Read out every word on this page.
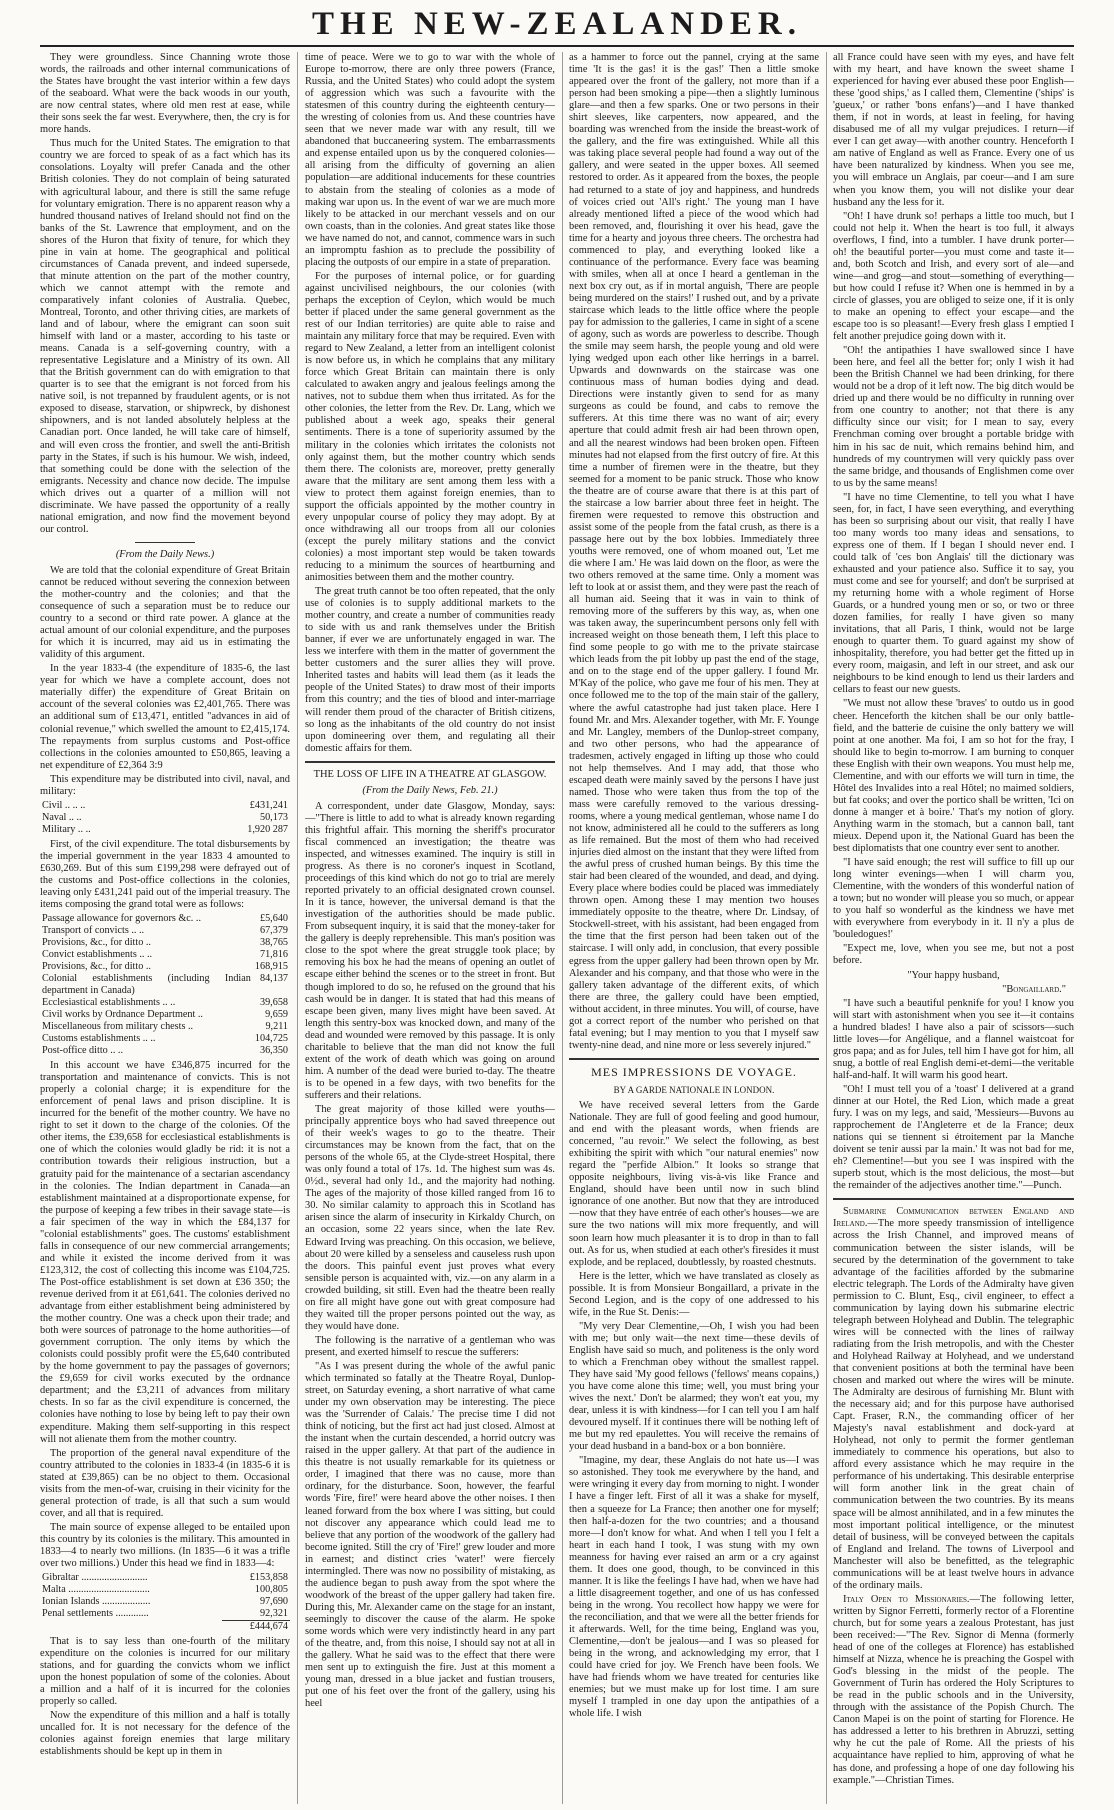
THE NEW-ZEALANDER.

They were groundless. Since Channing wrote those words, the railroads and other internal communications of the States have brought the vast interior within a few days of the seaboard. What were the back woods in our youth, are now central states, where old men rest at ease, while their sons seek the far west. Everywhere, then, the cry is for more hands.

Thus much for the United States. The emigration to that country we are forced to speak of as a fact which has its consolations. Loyalty will prefer Canada and the other British colonies. They do not complain of being saturated with agricultural labour, and there is still the same refuge for voluntary emigration. There is no apparent reason why a hundred thousand natives of Ireland should not find on the banks of the St. Lawrence that employment, and on the shores of the Huron that fixity of tenure, for which they pine in vain at home. The geographical and political circumstances of Canada prevent, and indeed supersede, that minute attention on the part of the mother country, which we cannot attempt with the remote and comparatively infant colonies of Australia. Quebec, Montreal, Toronto, and other thriving cities, are markets of land and of labour, where the emigrant can soon suit himself with land or a master, according to his taste or means. Canada is a self-governing country, with a representative Legislature and a Ministry of its own. All that the British government can do with emigration to that quarter is to see that the emigrant is not forced from his native soil, is not trepanned by fraudulent agents, or is not exposed to disease, starvation, or shipwreck, by dishonest shipowners, and is not landed absolutely helpless at the Canadian port. Once landed, he will take care of himself, and will even cross the frontier, and swell the anti-British party in the States, if such is his humour. We wish, indeed, that something could be done with the selection of the emigrants. Necessity and chance now decide. The impulse which drives out a quarter of a million will not discriminate. We have passed the opportunity of a really national emigration, and now find the movement beyond our control.

(From the Daily News.)

We are told that the colonial expenditure of Great Britain cannot be reduced without severing the connexion between the mother-country and the colonies; and that the consequence of such a separation must be to reduce our country to a second or third rate power. A glance at the actual amount of our colonial expenditure, and the purposes for which it is incurred, may aid us in estimating the validity of this argument.

In the year 1833-4 (the expenditure of 1835-6, the last year for which we have a complete account, does not materially differ) the expenditure of Great Britain on account of the several colonies was £2,401,765. There was an additional sum of £13,471, entitled "advances in aid of colonial revenue," which swelled the amount to £2,415,174. The repayments from surplus customs and Post-office collections in the colonies amounted to £50,865, leaving a net expenditure of £2,364 3:9

This expenditure may be distributed into civil, naval, and military:

Civil .. .. ..	£431,241
Naval .. ..	50,173
Military .. ..	1,920 287

First, of the civil expenditure. The total disbursements by the imperial government in the year 1833 4 amounted to £630,269. But of this sum £199,298 were defrayed out of the customs and Post-office collections in the colonies, leaving only £431,241 paid out of the imperial treasury. The items composing the grand total were as follows:

Passage allowance for governors &c. ..	£5,640
Transport of convicts .. ..	67,379
Provisions, &c., for ditto ..	38,765
Convict establishments .. ..	71,816
Provisions, &c., for ditto ..	168,915
Colonial establishments (including Indian department in Canada)	84,137
Ecclesiastical establishments .. ..	39,658
Civil works by Ordnance Department ..	9,659
Miscellaneous from military chests ..	9,211
Customs establishments .. ..	104,725
Post-office ditto .. ..	36,350

In this account we have £346,875 incurred for the transportation and maintenance of convicts. This is not properly a colonial charge; it is expenditure for the enforcement of penal laws and prison discipline. It is incurred for the benefit of the mother country. We have no right to set it down to the charge of the colonies. Of the other items, the £39,658 for ecclesiastical establishments is one of which the colonies would gladly be rid: it is not a contribution towards their religious instruction, but a gratuity paid for the maintenance of a sectarian ascendancy in the colonies. The Indian department in Canada—an establishment maintained at a disproportionate expense, for the purpose of keeping a few tribes in their savage state—is a fair specimen of the way in which the £84,137 for "colonial establishments" goes. The customs' establishment falls in consequence of our new commercial arrangements; and while it existed the income derived from it was £123,312, the cost of collecting this income was £104,725. The Post-office establishment is set down at £36 350; the revenue derived from it at £61,641. The colonies derived no advantage from either establishment being administered by the mother country. One was a check upon their trade; and both were sources of patronage to the home authorities—of government corruption. The only items by which the colonists could possibly profit were the £5,640 contributed by the home government to pay the passages of governors; the £9,659 for civil works executed by the ordnance department; and the £3,211 of advances from military chests. In so far as the civil expenditure is concerned, the colonies have nothing to lose by being left to pay their own expenditure. Making them self-supporting in this respect will not alienate them from the mother country.

The proportion of the general naval expenditure of the country attributed to the colonies in 1833-4 (in 1835-6 it is stated at £39,865) can be no object to them. Occasional visits from the men-of-war, cruising in their vicinity for the general protection of trade, is all that such a sum would cover, and all that is required.

The main source of expense alleged to be entailed upon this country by its colonies is the military. This amounted in 1833—4 to nearly two millions. (In 1835—6 it was a trifle over two millions.) Under this head we find in 1833—4:

Gibraltar ..........................	£153,858
Malta ................................	100,805
Ionian Islands ...................	97,690
Penal settlements .............	92,321
	£444,674

That is to say less than one-fourth of the military expenditure on the colonies is incurred for our military stations, and for guarding the convicts whom we inflict upon the honest population of some of the colonies. About a million and a half of it is incurred for the colonies properly so called.

Now the expenditure of this million and a half is totally uncalled for. It is not necessary for the defence of the colonies against foreign enemies that large military establishments should be kept up in them in

time of peace. Were we to go to war with the whole of Europe to-morrow, there are only three powers (France, Russia, and the United States) who could adopt the system of aggression which was such a favourite with the statesmen of this country during the eighteenth century—the wresting of colonies from us. And these countries have seen that we never made war with any result, till we abandoned that buccaneering system. The embarrassments and expense entailed upon us by the conquered colonies—all arising from the difficulty of governing an alien population—are additional inducements for these countries to abstain from the stealing of colonies as a mode of making war upon us. In the event of war we are much more likely to be attacked in our merchant vessels and on our own coasts, than in the colonies. And great states like those we have named do not, and cannot, commence wars in such an impromptu fashion as to preclude the possibility of placing the outposts of our empire in a state of preparation.

For the purposes of internal police, or for guarding against uncivilised neighbours, the our colonies (with perhaps the exception of Ceylon, which would be much better if placed under the same general government as the rest of our Indian territories) are quite able to raise and maintain any military force that may be required. Even with regard to New Zealand, a letter from an intelligent colonist is now before us, in which he complains that any military force which Great Britain can maintain there is only calculated to awaken angry and jealous feelings among the natives, not to subdue them when thus irritated. As for the other colonies, the letter from the Rev. Dr. Lang, which we published about a week ago, speaks their general sentiments. There is a tone of superiority assumed by the military in the colonies which irritates the colonists not only against them, but the mother country which sends them there. The colonists are, moreover, pretty generally aware that the military are sent among them less with a view to protect them against foreign enemies, than to support the officials appointed by the mother country in every unpopular course of policy they may adopt. By at once withdrawing all our troops from all our colonies (except the purely military stations and the convict colonies) a most important step would be taken towards reducing to a minimum the sources of heartburning and animosities between them and the mother country.

The great truth cannot be too often repeated, that the only use of colonies is to supply additional markets to the mother country, and create a number of communities ready to side with us and rank themselves under the British banner, if ever we are unfortunately engaged in war. The less we interfere with them in the matter of government the better customers and the surer allies they will prove. Inherited tastes and habits will lead them (as it leads the people of the United States) to draw most of their imports from this country; and the ties of blood and inter-marriage will render them proud of the character of British citizens, so long as the inhabitants of the old country do not insist upon domineering over them, and regulating all their domestic affairs for them.

THE LOSS OF LIFE IN A THEATRE AT GLASGOW.
(From the Daily News, Feb. 21.)

A correspondent, under date Glasgow, Monday, says:—"There is little to add to what is already known regarding this frightful affair. This morning the sheriff's procurator fiscal commenced an investigation; the theatre was inspected, and witnesses examined. The inquiry is still in progress. As there is no coroner's inquest in Scotland, proceedings of this kind which do not go to trial are merely reported privately to an official designated crown counsel. In it is tance, however, the universal demand is that the investigation of the authorities should be made public. From subsequent inquiry, it is said that the money-taker for the gallery is deeply reprehensible. This man's position was close to the spot where the great struggle took place; by removing his box he had the means of opening an outlet of escape either behind the scenes or to the street in front. But though implored to do so, he refused on the ground that his cash would be in danger. It is stated that had this means of escape been given, many lives might have been saved. At length this sentry-box was knocked down, and many of the dead and wounded were removed by this passage. It is only charitable to believe that the man did not know the full extent of the work of death which was going on around him. A number of the dead were buried to-day. The theatre is to be opened in a few days, with two benefits for the sufferers and their relations.

The great majority of those killed were youths—principally apprentice boys who had saved threepence out of their week's wages to go to the theatre. Their circumstances may be known from the fact, that on the persons of the whole 65, at the Clyde-street Hospital, there was only found a total of 17s. 1d. The highest sum was 4s. 0½d., several had only 1d., and the majority had nothing. The ages of the majority of those killed ranged from 16 to 30. No similar calamity to approach this in Scotland has arisen since the alarm of insecurity in Kirkaldy Church, on an occasion, some 22 years since, when the late Rev. Edward Irving was preaching. On this occasion, we believe, about 20 were killed by a senseless and causeless rush upon the doors. This painful event just proves what every sensible person is acquainted with, viz.—on any alarm in a crowded building, sit still. Even had the theatre been really on fire all might have gone out with great composure had they waited till the proper persons pointed out the way, as they would have done.

The following is the narrative of a gentleman who was present, and exerted himself to rescue the sufferers:

"As I was present during the whole of the awful panic which terminated so fatally at the Theatre Royal, Dunlop-street, on Saturday evening, a short narrative of what came under my own observation may be interesting. The piece was the 'Surrender of Calais.' The precise time I did not think of noticing, but the first act had just closed. Almost at the instant when the curtain descended, a horrid outcry was raised in the upper gallery. At that part of the audience in this theatre is not usually remarkable for its quietness or order, I imagined that there was no cause, more than ordinary, for the disturbance. Soon, however, the fearful words 'Fire, fire!' were heard above the other noises. I then leaned forward from the box where I was sitting, but could not discover any appearance which could lead me to believe that any portion of the woodwork of the gallery had become ignited. Still the cry of 'Fire!' grew louder and more in earnest; and distinct cries 'water!' were fiercely intermingled. There was now no possibility of mistaking, as the audience began to push away from the spot where the woodwork of the breast of the upper gallery had taken fire. During this, Mr. Alexander came on the stage for an instant, seemingly to discover the cause of the alarm. He spoke some words which were very indistinctly heard in any part of the theatre, and, from this noise, I should say not at all in the gallery. What he said was to the effect that there were men sent up to extinguish the fire. Just at this moment a young man, dressed in a blue jacket and fustian trousers, put one of his feet over the front of the gallery, using his heel

as a hammer to force out the pannel, crying at the same time 'It is the gas! it is the gas!' Then a little smoke appeared over the front of the gallery, not more than if a person had been smoking a pipe—then a slightly luminous glare—and then a few sparks. One or two persons in their shirt sleeves, like carpenters, now appeared, and the boarding was wrenched from the inside the breast-work of the gallery, and the fire was extinguished. While all this was taking place several people had found a way out of the gallery, and were seated in the upper boxes. All seemed restored to order. As it appeared from the boxes, the people had returned to a state of joy and happiness, and hundreds of voices cried out 'All's right.' The young man I have already mentioned lifted a piece of the wood which had been removed, and, flourishing it over his head, gave the time for a hearty and joyous three cheers. The orchestra had commenced to play, and everything looked like a continuance of the performance. Every face was beaming with smiles, when all at once I heard a gentleman in the next box cry out, as if in mortal anguish, 'There are people being murdered on the stairs!' I rushed out, and by a private staircase which leads to the little office where the people pay for admission to the galleries, I came in sight of a scene of agony, such as words are powerless to describe. Though the smile may seem harsh, the people young and old were lying wedged upon each other like herrings in a barrel. Upwards and downwards on the staircase was one continuous mass of human bodies dying and dead. Directions were instantly given to send for as many surgeons as could be found, and cabs to remove the sufferers. At this time there was no want of air; every aperture that could admit fresh air had been thrown open, and all the nearest windows had been broken open. Fifteen minutes had not elapsed from the first outcry of fire. At this time a number of firemen were in the theatre, but they seemed for a moment to be panic struck. Those who know the theatre are of course aware that there is at this part of the staircase a low barrier about three feet in height. The firemen were requested to remove this obstruction and assist some of the people from the fatal crush, as there is a passage here out by the box lobbies. Immediately three youths were removed, one of whom moaned out, 'Let me die where I am.' He was laid down on the floor, as were the two others removed at the same time. Only a moment was left to look at or assist them, and they were past the reach of all human aid. Seeing that it was in vain to think of removing more of the sufferers by this way, as, when one was taken away, the superincumbent persons only fell with increased weight on those beneath them, I left this place to find some people to go with me to the private staircase which leads from the pit lobby up past the end of the stage, and on to the stage end of the upper gallery. I found Mr. M'Kay of the police, who gave me four of his men. They at once followed me to the top of the main stair of the gallery, where the awful catastrophe had just taken place. Here I found Mr. and Mrs. Alexander together, with Mr. F. Younge and Mr. Langley, members of the Dunlop-street company, and two other persons, who had the appearance of tradesmen, actively engaged in lifting up those who could not help themselves. And I may add, that those who escaped death were mainly saved by the persons I have just named. Those who were taken thus from the top of the mass were carefully removed to the various dressing-rooms, where a young medical gentleman, whose name I do not know, administered all he could to the sufferers as long as life remained. But the most of them who had received injuries died almost on the instant that they were lifted from the awful press of crushed human beings. By this time the stair had been cleared of the wounded, and dead, and dying. Every place where bodies could be placed was immediately thrown open. Among these I may mention two houses immediately opposite to the theatre, where Dr. Lindsay, of Stockwell-street, with his assistant, had been engaged from the time that the first person had been taken out of the staircase. I will only add, in conclusion, that every possible egress from the upper gallery had been thrown open by Mr. Alexander and his company, and that those who were in the gallery taken advantage of the different exits, of which there are three, the gallery could have been emptied, without accident, in three minutes. You will, of course, have got a correct report of the number who perished on that fatal evening; but I may mention to you that I myself saw twenty-nine dead, and nine more or less severely injured."

MES IMPRESSIONS DE VOYAGE.
BY A GARDE NATIONALE IN LONDON.

We have received several letters from the Garde Nationale. They are full of good feeling and good humour, and end with the pleasant words, when friends are concerned, "au revoir." We select the following, as best exhibiting the spirit with which "our natural enemies" now regard the "perfide Albion." It looks so strange that opposite neighbours, living vis-à-vis like France and England, should have been until now in such blind ignorance of one another. But now that they are introduced—now that they have entrée of each other's houses—we are sure the two nations will mix more frequently, and will soon learn how much pleasanter it is to drop in than to fall out. As for us, when studied at each other's firesides it must explode, and be replaced, doubtlessly, by roasted chestnuts.

Here is the letter, which we have translated as closely as possible. It is from Monsieur Bongaillard, a private in the Second Legion, and is the copy of one addressed to his wife, in the Rue St. Denis:—

"My very Dear Clementine,—Oh, I wish you had been with me; but only wait—the next time—these devils of English have said so much, and politeness is the only word to which a Frenchman obey without the smallest rappel. They have said 'My good fellows ('fellows' means copains,) you have come alone this time; well, you must bring your wives the next.' Don't be alarmed; they won't eat you, my dear, unless it is with kindness—for I can tell you I am half devoured myself. If it continues there will be nothing left of me but my red epaulettes. You will receive the remains of your dead husband in a band-box or a bon bonnière.

"Imagine, my dear, these Anglais do not hate us—I was so astonished. They took me everywhere by the hand, and were wringing it every day from morning to night. I wonder I have a finger left. First of all it was a shake for myself, then a squeeze for La France; then another one for myself; then half-a-dozen for the two countries; and a thousand more—I don't know for what. And when I tell you I felt a heart in each hand I took, I was stung with my own meanness for having ever raised an arm or a cry against them. It does one good, though, to be convinced in this manner. It is like the feelings I have had, when we have had a little disagreement together, and one of us has confessed being in the wrong. You recollect how happy we were for the reconciliation, and that we were all the better friends for it afterwards. Well, for the time being, England was you, Clementine,—don't be jealous—and I was so pleased for being in the wrong, and acknowledging my error, that I could have cried for joy. We French have been fools. We have had friends whom we have treated for centuries like enemies; but we must make up for lost time. I am sure myself I trampled in one day upon the antipathies of a whole life. I wish

all France could have seen with my eyes, and have felt with my heart, and have known the sweet shame I experienced for having ever abused these poor English—these 'good ships,' as I called them, Clementine ('ships' is 'gueux,' or rather 'bons enfans')—and I have thanked them, if not in words, at least in feeling, for having disabused me of all my vulgar prejudices. I return—if ever I can get away—with another country. Henceforth I am native of England as well as France. Every one of us have been naturalized by kindness. When you see me, you will embrace un Anglais, par coeur—and I am sure when you know them, you will not dislike your dear husband any the less for it.

"Oh! I have drunk so! perhaps a little too much, but I could not help it. When the heart is too full, it always overflows, I find, into a tumbler. I have drunk porter—oh! the beautiful porter—you must come and taste it—and, both Scotch and Irish, and every sort of ale—and wine—and grog—and stout—something of everything—but how could I refuse it? When one is hemmed in by a circle of glasses, you are obliged to seize one, if it is only to make an opening to effect your escape—and the escape too is so pleasant!—Every fresh glass I emptied I felt another prejudice going down with it.

"Oh! the antipathies I have swallowed since I have been here, and feel all the better for; only I wish it had been the British Channel we had been drinking, for there would not be a drop of it left now. The big ditch would be dried up and there would be no difficulty in running over from one country to another; not that there is any difficulty since our visit; for I mean to say, every Frenchman coming over brought a portable bridge with him in his sac de nuit, which remains behind him, and hundreds of my countrymen will very quickly pass over the same bridge, and thousands of Englishmen come over to us by the same means!

"I have no time Clementine, to tell you what I have seen, for, in fact, I have seen everything, and everything has been so surprising about our visit, that really I have too many words too many ideas and sensations, to express one of them. If I began I should never end. I could talk of 'ces bon Anglais' till the dictionary was exhausted and your patience also. Suffice it to say, you must come and see for yourself; and don't be surprised at my returning home with a whole regiment of Horse Guards, or a hundred young men or so, or two or three dozen families, for really I have given so many invitations, that all Paris, I think, would not be large enough to quarter them. To guard against my show of inhospitality, therefore, you had better get the fitted up in every room, maigasin, and left in our street, and ask our neighbours to be kind enough to lend us their larders and cellars to feast our new guests.

"We must not allow these 'braves' to outdo us in good cheer. Henceforth the kitchen shall be our only battle-field, and the batterie de cuisine the only battery we will point at one another. Ma foi, I am so hot for the fray, I should like to begin to-morrow. I am burning to conquer these English with their own weapons. You must help me, Clementine, and with our efforts we will turn in time, the Hôtel des Invalides into a real Hôtel; no maimed soldiers, but fat cooks; and over the portico shall be written, 'Ici on donne à manger et à boire.' That's my notion of glory. Anything warm in the stomach, but a cannon ball, tant mieux. Depend upon it, the National Guard has been the best diplomatists that one country ever sent to another.

"I have said enough; the rest will suffice to fill up our long winter evenings—when I will charm you, Clementine, with the wonders of this wonderful nation of a town; but no wonder will please you so much, or appear to you half so wonderful as the kindness we have met with everywhere from everybody in it. Il n'y a plus de 'bouledogues!'

"Expect me, love, when you see me, but not a post before.

"Your happy husband,
"Bongaillard."

"I have such a beautiful penknife for you! I know you will start with astonishment when you see it—it contains a hundred blades! I have also a pair of scissors—such little loves—for Angélique, and a flannel waistcoat for gros papa; and as for Jules, tell him I have got for him, all snug, a bottle of real English demi-et-demi—the veritable half-and-half. It will warm his good heart.

"Oh! I must tell you of a 'toast' I delivered at a grand dinner at our Hotel, the Red Lion, which made a great fury. I was on my legs, and said, 'Messieurs—Buvons au rapprochement de l'Angleterre et de la France; deux nations qui se tiennent si étroitement par la Manche doivent se tenir aussi par la main.' It was not bad for me, eh? Clementine!—but you see I was inspired with the superb stout, which is the most delicious, the most—but the remainder of the adjectives another time."—Punch.

Submarine Communication between England and Ireland.—The more speedy transmission of intelligence across the Irish Channel, and improved means of communication between the sister islands, will be secured by the determination of the government to take advantage of the facilities afforded by the submarine electric telegraph. The Lords of the Admiralty have given permission to C. Blunt, Esq., civil engineer, to effect a communication by laying down his submarine electric telegraph between Holyhead and Dublin. The telegraphic wires will be connected with the lines of railway radiating from the Irish metropolis, and with the Chester and Holyhead Railway at Holyhead, and we understand that convenient positions at both the terminal have been chosen and marked out where the wires will be minute. The Admiralty are desirous of furnishing Mr. Blunt with the necessary aid; and for this purpose have authorised Capt. Fraser, R.N., the commanding officer of her Majesty's naval establishment and dock-yard at Holyhead, not only to permit the former gentleman immediately to commence his operations, but also to afford every assistance which he may require in the performance of his undertaking. This desirable enterprise will form another link in the great chain of communication between the two countries. By its means space will be almost annihilated, and in a few minutes the most important political intelligence, or the minutest detail of business, will be conveyed between the capitals of England and Ireland. The towns of Liverpool and Manchester will also be benefitted, as the telegraphic communications will be at least twelve hours in advance of the ordinary mails.

Italy Open to Missionaries.—The following letter, written by Signor Ferretti, formerly rector of a Florentine church, but for some years a zealous Protestant, has just been received:—"The Rev. Signor di Menna (formerly head of one of the colleges at Florence) has established himself at Nizza, whence he is preaching the Gospel with God's blessing in the midst of the people. The Government of Turin has ordered the Holy Scriptures to be read in the public schools and in the University, through with the assistance of the Popish Church. The Canon Mapei is on the point of starting for Florence. He has addressed a letter to his brethren in Abruzzi, setting why he cut the pale of Rome. All the priests of his acquaintance have replied to him, approving of what he has done, and professing a hope of one day following his example."—Christian Times.
